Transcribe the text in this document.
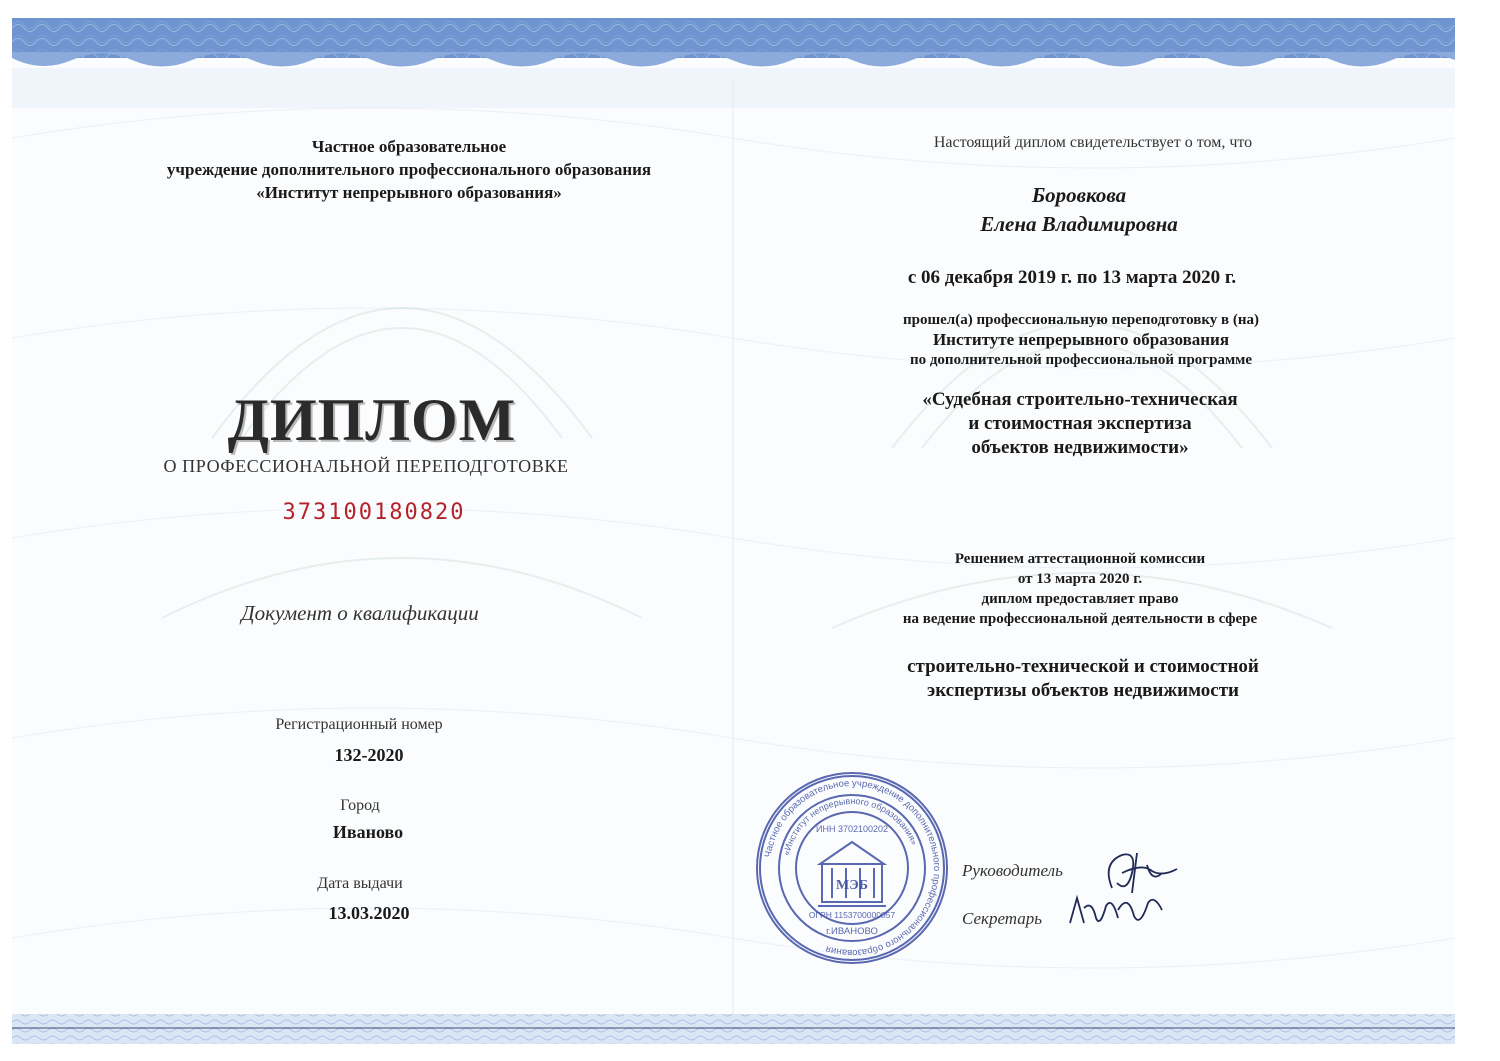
Частное образовательное
учреждение дополнительного профессионального образования
«Институт непрерывного образования»
ДИПЛОМ
О ПРОФЕССИОНАЛЬНОЙ ПЕРЕПОДГОТОВКЕ
373100180820
Документ о квалификации
Регистрационный номер
132-2020
Город
Иваново
Дата выдачи
13.03.2020
Настоящий диплом свидетельствует о том, что
Боровкова
Елена Владимировна
с 06 декабря 2019 г. по 13 марта 2020 г.
прошел(а) профессиональную переподготовку в (на)
Институте непрерывного образования
по дополнительной профессиональной программе
«Судебная строительно-техническая
и стоимостная экспертиза
объектов недвижимости»
Решением аттестационной комиссии
от 13 марта 2020 г.
диплом предоставляет право
на ведение профессиональной деятельности в сфере
строительно-технической и стоимостной
экспертизы объектов недвижимости
Частное образовательное учреждение дополнительного профессионального образования
«Институт непрерывного образования»
ИНН 3702100202
МЭБ
ОГРН 1153700000057
г.ИВАНОВО
Руководитель
Секретарь
